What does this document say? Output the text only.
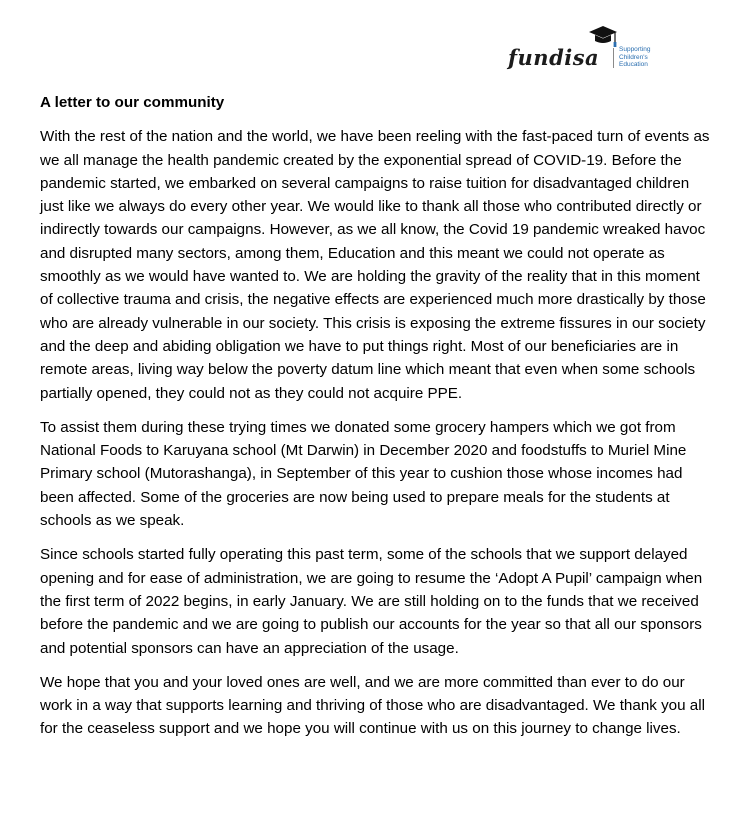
fundisa	Supporting
Children's
Education

A letter to our community

With the rest of the nation and the world, we have been reeling with the fast-paced turn of events as we all manage the health pandemic created by the exponential spread of COVID-19. Before the pandemic started, we embarked on several campaigns to raise tuition for disadvantaged children just like we always do every other year. We would like to thank all those who contributed directly or indirectly towards our campaigns. However, as we all know, the Covid 19 pandemic wreaked havoc and disrupted many sectors, among them, Education and this meant we could not operate as smoothly as we would have wanted to. We are holding the gravity of the reality that in this moment of collective trauma and crisis, the negative effects are experienced much more drastically by those who are already vulnerable in our society. This crisis is exposing the extreme fissures in our society and the deep and abiding obligation we have to put things right. Most of our beneficiaries are in remote areas, living way below the poverty datum line which meant that even when some schools partially opened, they could not as they could not acquire PPE.

To assist them during these trying times we donated some grocery hampers which we got from National Foods to Karuyana school (Mt Darwin) in December 2020 and foodstuffs to Muriel Mine Primary school (Mutorashanga), in September of this year to cushion those whose incomes had been affected. Some of the groceries are now being used to prepare meals for the students at schools as we speak.

Since schools started fully operating this past term, some of the schools that we support delayed opening and for ease of administration, we are going to resume the ‘Adopt A Pupil’ campaign when the first term of 2022 begins, in early January. We are still holding on to the funds that we received before the pandemic and we are going to publish our accounts for the year so that all our sponsors and potential sponsors can have an appreciation of the usage.

We hope that you and your loved ones are well, and we are more committed than ever to do our work in a way that supports learning and thriving of those who are disadvantaged. We thank you all for the ceaseless support and we hope you will continue with us on this journey to change lives.
